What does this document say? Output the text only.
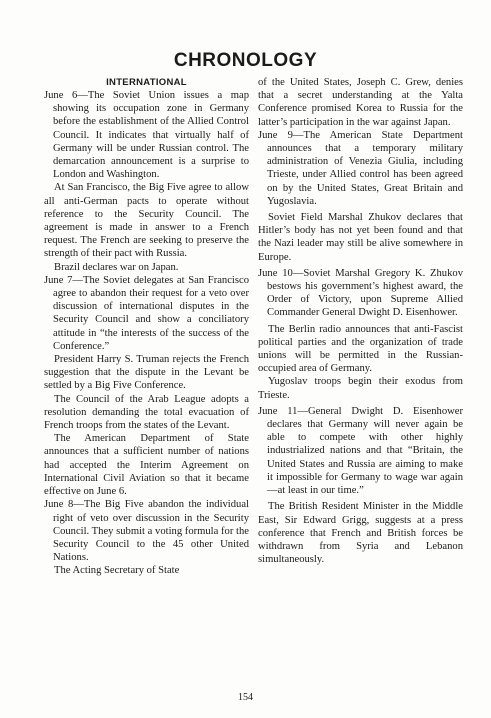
CHRONOLOGY
INTERNATIONAL

June 6—The Soviet Union issues a map showing its occupation zone in Germany before the establishment of the Allied Control Council. It indicates that virtually half of Germany will be under Russian control. The demarcation announcement is a surprise to London and Washington.

At San Francisco, the Big Five agree to allow all anti-German pacts to operate without reference to the Security Council. The agreement is made in answer to a French request. The French are seeking to preserve the strength of their pact with Russia.

Brazil declares war on Japan.

June 7—The Soviet delegates at San Francisco agree to abandon their request for a veto over discussion of international disputes in the Security Council and show a conciliatory attitude in “the interests of the success of the Conference.”

President Harry S. Truman rejects the French suggestion that the dispute in the Levant be settled by a Big Five Conference.

The Council of the Arab League adopts a resolution demanding the total evacuation of French troops from the states of the Levant.

The American Department of State announces that a sufficient number of nations had accepted the Interim Agreement on International Civil Aviation so that it became effective on June 6.

June 8—The Big Five abandon the individual right of veto over discussion in the Security Council. They submit a voting formula for the Security Council to the 45 other United Nations.

The Acting Secretary of State

of the United States, Joseph C. Grew, denies that a secret understanding at the Yalta Conference promised Korea to Russia for the latter’s participation in the war against Japan.

June 9—The American State Department announces that a temporary military administration of Venezia Giulia, including Trieste, under Allied control has been agreed on by the United States, Great Britain and Yugoslavia.

Soviet Field Marshal Zhukov declares that Hitler’s body has not yet been found and that the Nazi leader may still be alive somewhere in Europe.

June 10—Soviet Marshal Gregory K. Zhukov bestows his government’s highest award, the Order of Victory, upon Supreme Allied Commander General Dwight D. Eisenhower.

The Berlin radio announces that anti-Fascist political parties and the organization of trade unions will be permitted in the Russian-occupied area of Germany.

Yugoslav troops begin their exodus from Trieste.

June 11—General Dwight D. Eisenhower declares that Germany will never again be able to compete with other highly industrialized nations and that “Britain, the United States and Russia are aiming to make it impossible for Germany to wage war again—at least in our time.”

The British Resident Minister in the Middle East, Sir Edward Grigg, suggests at a press conference that French and British forces be withdrawn from Syria and Lebanon simultaneously.

154
